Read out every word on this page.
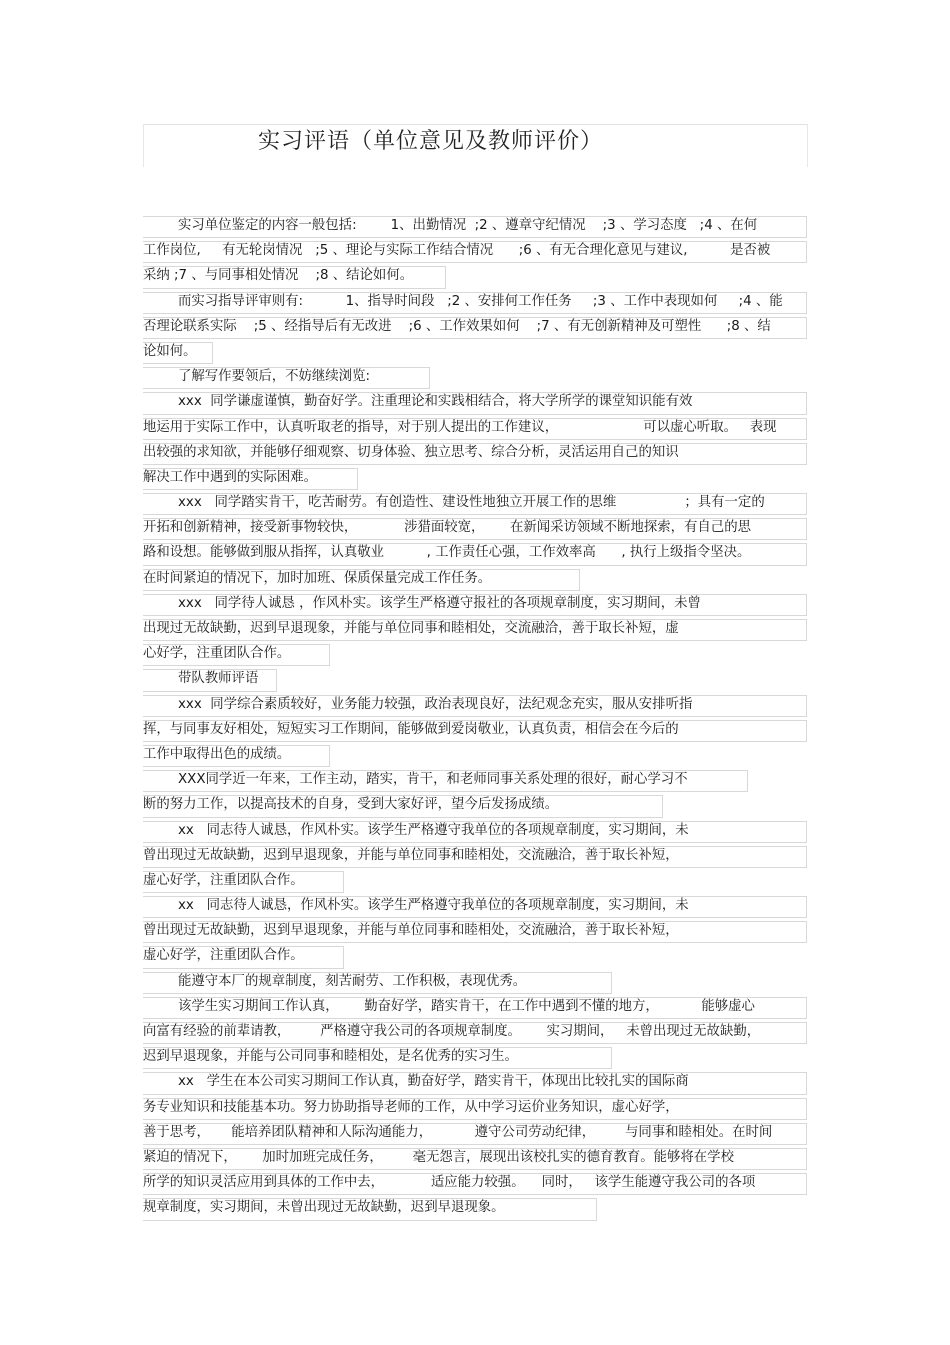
实习评语（单位意见及教师评价）
实习单位鉴定的内容一般包括:        1、出勤情况  ;2 、遵章守纪情况    ;3 、学习态度   ;4 、在何
工作岗位,     有无轮岗情况   ;5 、理论与实际工作结合情况      ;6 、有无合理化意见与建议,          是否被
采纳 ;7 、与同事相处情况    ;8 、结论如何。
而实习指导评审则有:          1、指导时间段   ;2 、安排何工作任务     ;3 、工作中表现如何     ;4 、能
否理论联系实际    ;5 、经指导后有无改进    ;6 、工作效果如何    ;7 、有无创新精神及可塑性      ;8 、结
论如何。
了解写作要领后，不妨继续浏览:
xxx  同学谦虚谨慎，勤奋好学。注重理论和实践相结合，将大学所学的课堂知识能有效
地运用于实际工作中，认真听取老的指导，对于别人提出的工作建议，                    可以虚心听取。   表现
出较强的求知欲，并能够仔细观察、切身体验、独立思考、综合分析，灵活运用自己的知识
解决工作中遇到的实际困难。
xxx   同学踏实肯干，吃苦耐劳。有创造性、建设性地独立开展工作的思维                ；具有一定的
开拓和创新精神，接受新事物较快，           涉猎面较宽，      在新闻采访领域不断地探索，有自己的思
路和设想。能够做到服从指挥，认真敬业          , 工作责任心强，工作效率高      , 执行上级指令坚决。
在时间紧迫的情况下，加时加班、保质保量完成工作任务。
xxx   同学待人诚恳 ，作风朴实。该学生严格遵守报社的各项规章制度，实习期间，未曾
出现过无故缺勤，迟到早退现象，并能与单位同事和睦相处，交流融洽，善于取长补短，虚
心好学，注重团队合作。
带队教师评语
xxx  同学综合素质较好，业务能力较强，政治表现良好，法纪观念充实，服从安排听指
挥，与同事友好相处，短短实习工作期间，能够做到爱岗敬业，认真负责，相信会在今后的
工作中取得出色的成绩。
XXX同学近一年来，工作主动，踏实，肯干，和老师同事关系处理的很好，耐心学习不
断的努力工作，以提高技术的自身，受到大家好评，望今后发扬成绩。
xx   同志待人诚恳，作风朴实。该学生严格遵守我单位的各项规章制度，实习期间，未
曾出现过无故缺勤，迟到早退现象，并能与单位同事和睦相处，交流融洽，善于取长补短，
虚心好学，注重团队合作。
xx   同志待人诚恳，作风朴实。该学生严格遵守我单位的各项规章制度，实习期间，未
曾出现过无故缺勤，迟到早退现象，并能与单位同事和睦相处，交流融洽，善于取长补短，
虚心好学，注重团队合作。
能遵守本厂的规章制度，刻苦耐劳、工作积极，表现优秀。
该学生实习期间工作认真，      勤奋好学，踏实肯干，在工作中遇到不懂的地方，          能够虚心
向富有经验的前辈请教，       严格遵守我公司的各项规章制度。      实习期间，   未曾出现过无故缺勤，
迟到早退现象，并能与公司同事和睦相处，是名优秀的实习生。
xx   学生在本公司实习期间工作认真，勤奋好学，踏实肯干，体现出比较扎实的国际商
务专业知识和技能基本功。努力协助指导老师的工作，从中学习运价业务知识，虚心好学，
善于思考，     能培养团队精神和人际沟通能力，          遵守公司劳动纪律，       与同事和睦相处。在时间
紧迫的情况下，      加时加班完成任务，       毫无怨言，展现出该校扎实的德育教育。能够将在学校
所学的知识灵活应用到具体的工作中去，           适应能力较强。    同时，   该学生能遵守我公司的各项
规章制度，实习期间，未曾出现过无故缺勤，迟到早退现象。
